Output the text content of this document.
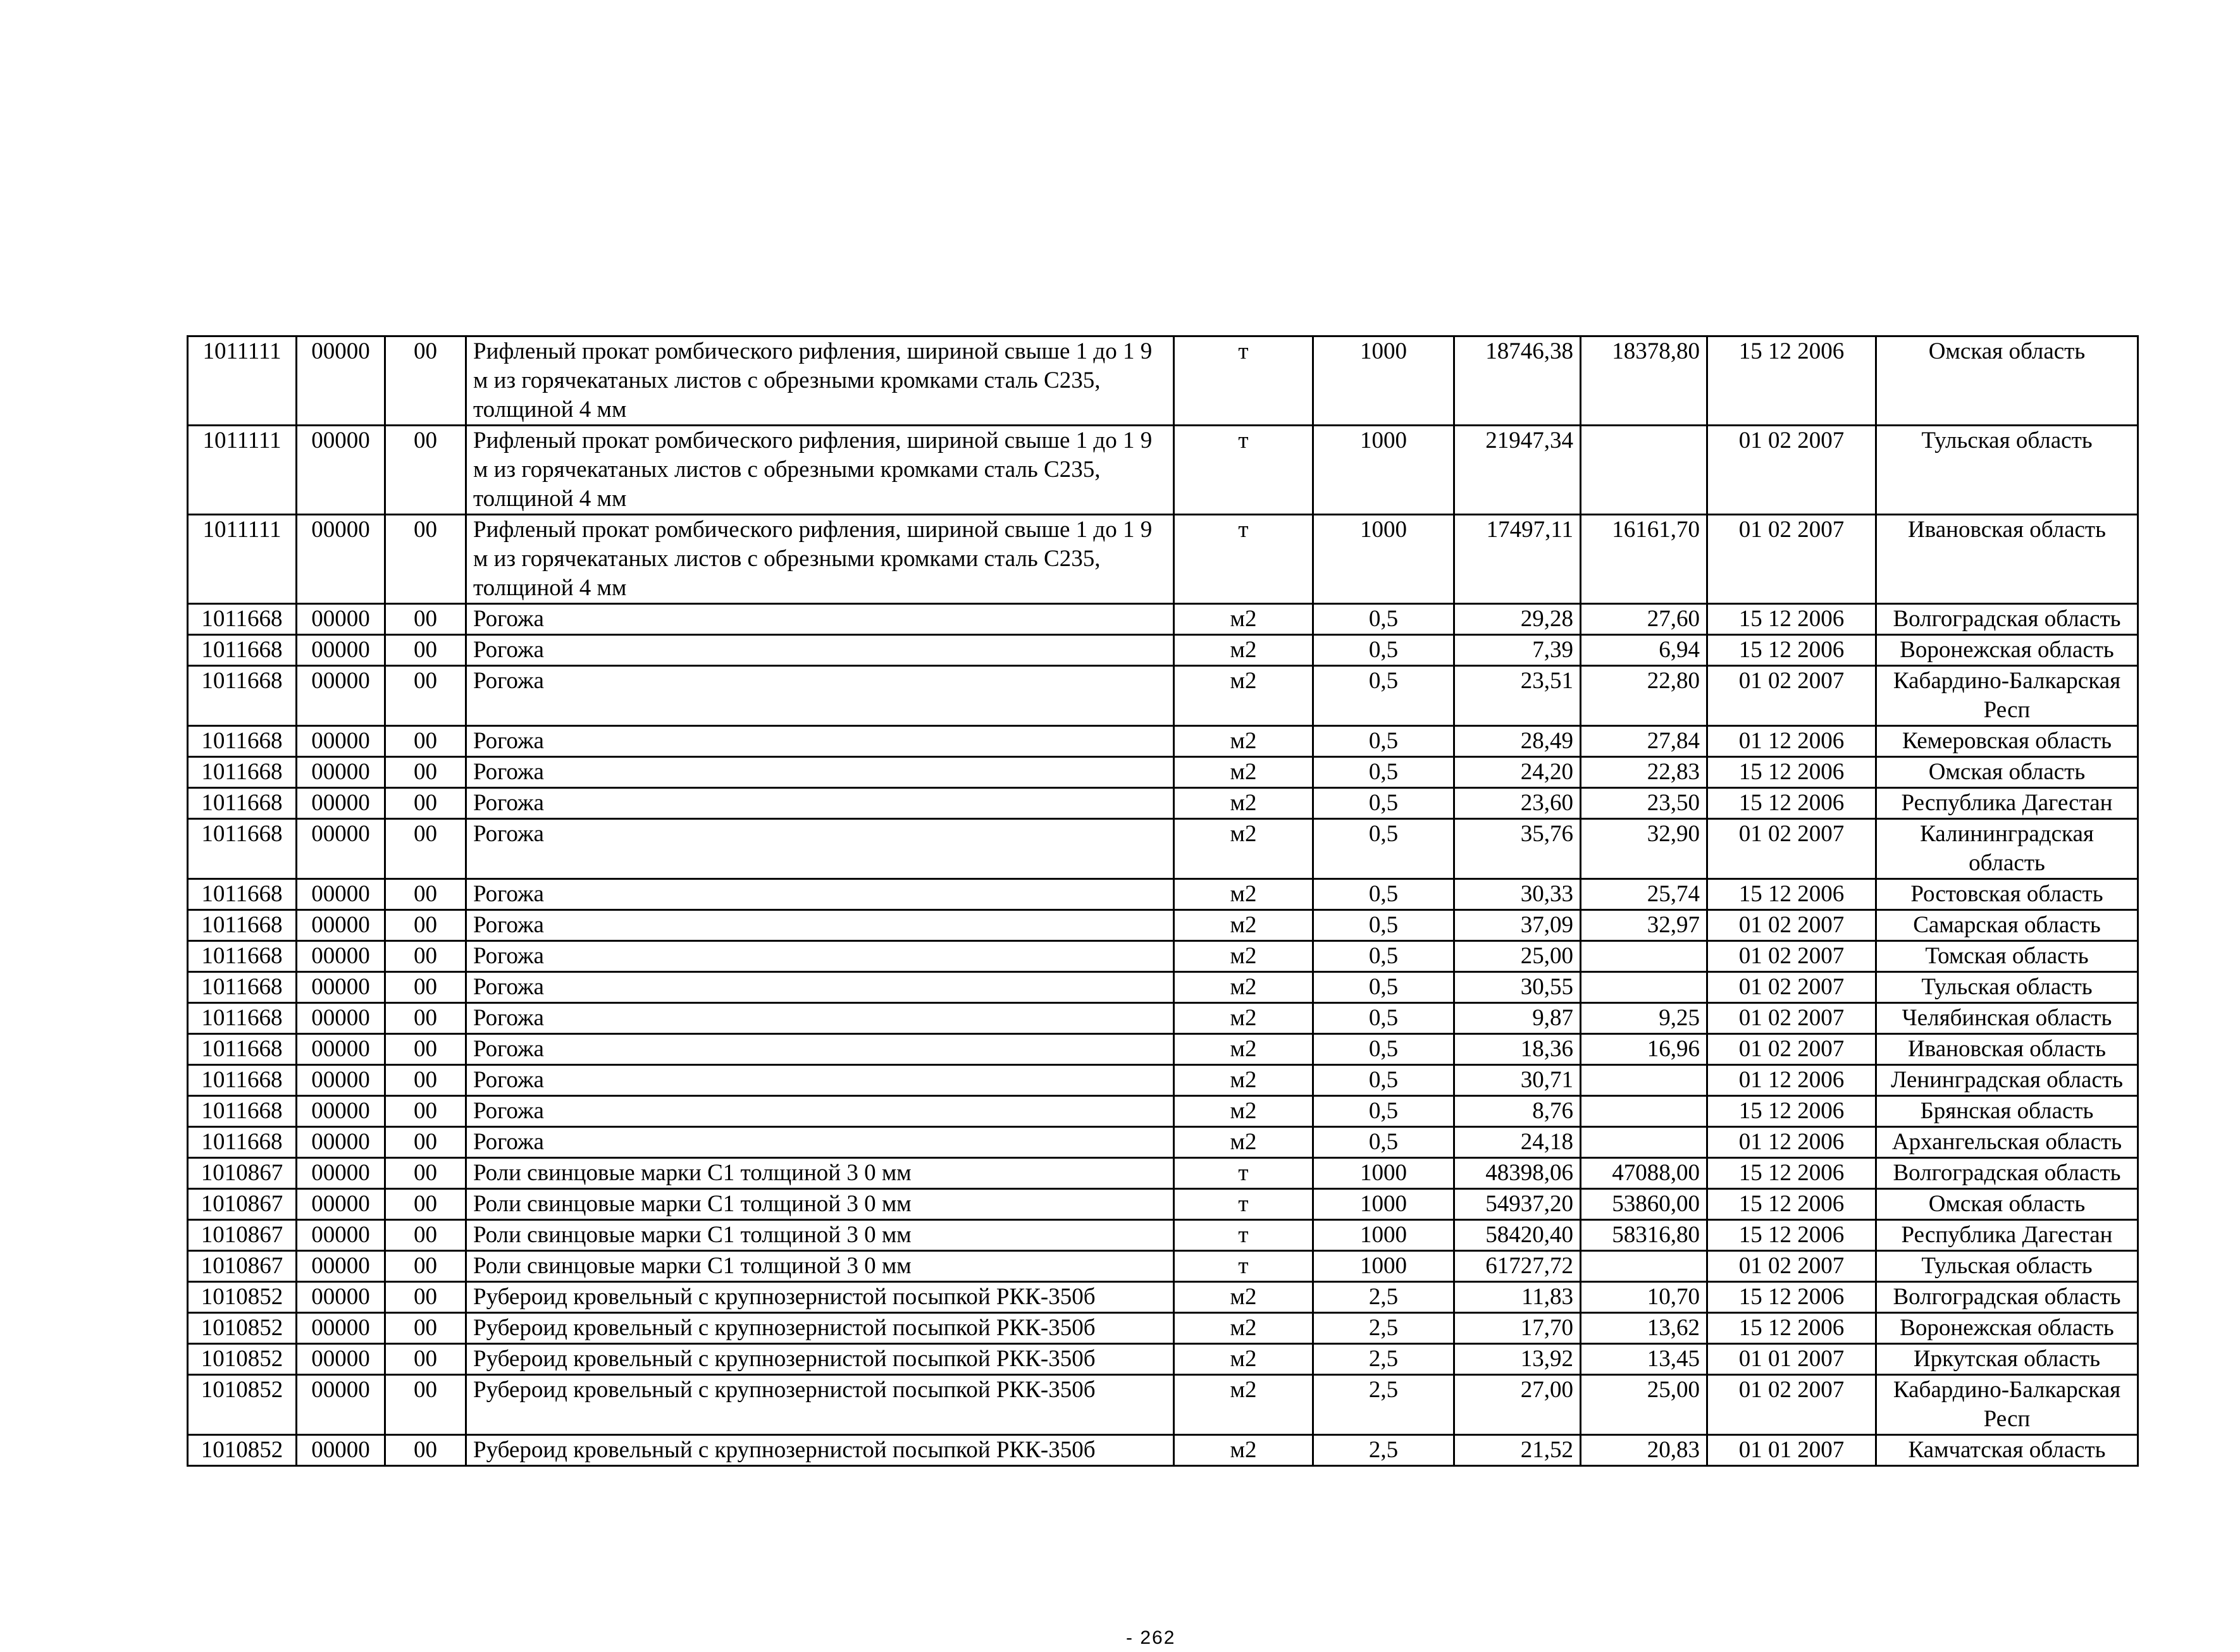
1011111	00000	00	Рифленый прокат ромбического рифления, шириной свыше 1 до 1 9 м из горячекатаных листов с обрезными кромками сталь С235, толщиной 4 мм	т	1000	18746,38	18378,80	15 12 2006	Омская область
1011111	00000	00	Рифленый прокат ромбического рифления, шириной свыше 1 до 1 9 м из горячекатаных листов с обрезными кромками сталь С235, толщиной 4 мм	т	1000	21947,34		01 02 2007	Тульская область
1011111	00000	00	Рифленый прокат ромбического рифления, шириной свыше 1 до 1 9 м из горячекатаных листов с обрезными кромками сталь С235, толщиной 4 мм	т	1000	17497,11	16161,70	01 02 2007	Ивановская область
1011668	00000	00	Рогожа	м2	0,5	29,28	27,60	15 12 2006	Волгоградская область
1011668	00000	00	Рогожа	м2	0,5	7,39	6,94	15 12 2006	Воронежская область
1011668	00000	00	Рогожа	м2	0,5	23,51	22,80	01 02 2007	Кабардино-Балкарская Респ
1011668	00000	00	Рогожа	м2	0,5	28,49	27,84	01 12 2006	Кемеровская область
1011668	00000	00	Рогожа	м2	0,5	24,20	22,83	15 12 2006	Омская область
1011668	00000	00	Рогожа	м2	0,5	23,60	23,50	15 12 2006	Республика Дагестан
1011668	00000	00	Рогожа	м2	0,5	35,76	32,90	01 02 2007	Калининградская область
1011668	00000	00	Рогожа	м2	0,5	30,33	25,74	15 12 2006	Ростовская область
1011668	00000	00	Рогожа	м2	0,5	37,09	32,97	01 02 2007	Самарская область
1011668	00000	00	Рогожа	м2	0,5	25,00		01 02 2007	Томская область
1011668	00000	00	Рогожа	м2	0,5	30,55		01 02 2007	Тульская область
1011668	00000	00	Рогожа	м2	0,5	9,87	9,25	01 02 2007	Челябинская область
1011668	00000	00	Рогожа	м2	0,5	18,36	16,96	01 02 2007	Ивановская область
1011668	00000	00	Рогожа	м2	0,5	30,71		01 12 2006	Ленинградская область
1011668	00000	00	Рогожа	м2	0,5	8,76		15 12 2006	Брянская область
1011668	00000	00	Рогожа	м2	0,5	24,18		01 12 2006	Архангельская область
1010867	00000	00	Роли свинцовые марки С1 толщиной 3 0 мм	т	1000	48398,06	47088,00	15 12 2006	Волгоградская область
1010867	00000	00	Роли свинцовые марки С1 толщиной 3 0 мм	т	1000	54937,20	53860,00	15 12 2006	Омская область
1010867	00000	00	Роли свинцовые марки С1 толщиной 3 0 мм	т	1000	58420,40	58316,80	15 12 2006	Республика Дагестан
1010867	00000	00	Роли свинцовые марки С1 толщиной 3 0 мм	т	1000	61727,72		01 02 2007	Тульская область
1010852	00000	00	Рубероид кровельный с крупнозернистой посыпкой РКК-350б	м2	2,5	11,83	10,70	15 12 2006	Волгоградская область
1010852	00000	00	Рубероид кровельный с крупнозернистой посыпкой РКК-350б	м2	2,5	17,70	13,62	15 12 2006	Воронежская область
1010852	00000	00	Рубероид кровельный с крупнозернистой посыпкой РКК-350б	м2	2,5	13,92	13,45	01 01 2007	Иркутская область
1010852	00000	00	Рубероид кровельный с крупнозернистой посыпкой РКК-350б	м2	2,5	27,00	25,00	01 02 2007	Кабардино-Балкарская Респ
1010852	00000	00	Рубероид кровельный с крупнозернистой посыпкой РКК-350б	м2	2,5	21,52	20,83	01 01 2007	Камчатская область
- 262
